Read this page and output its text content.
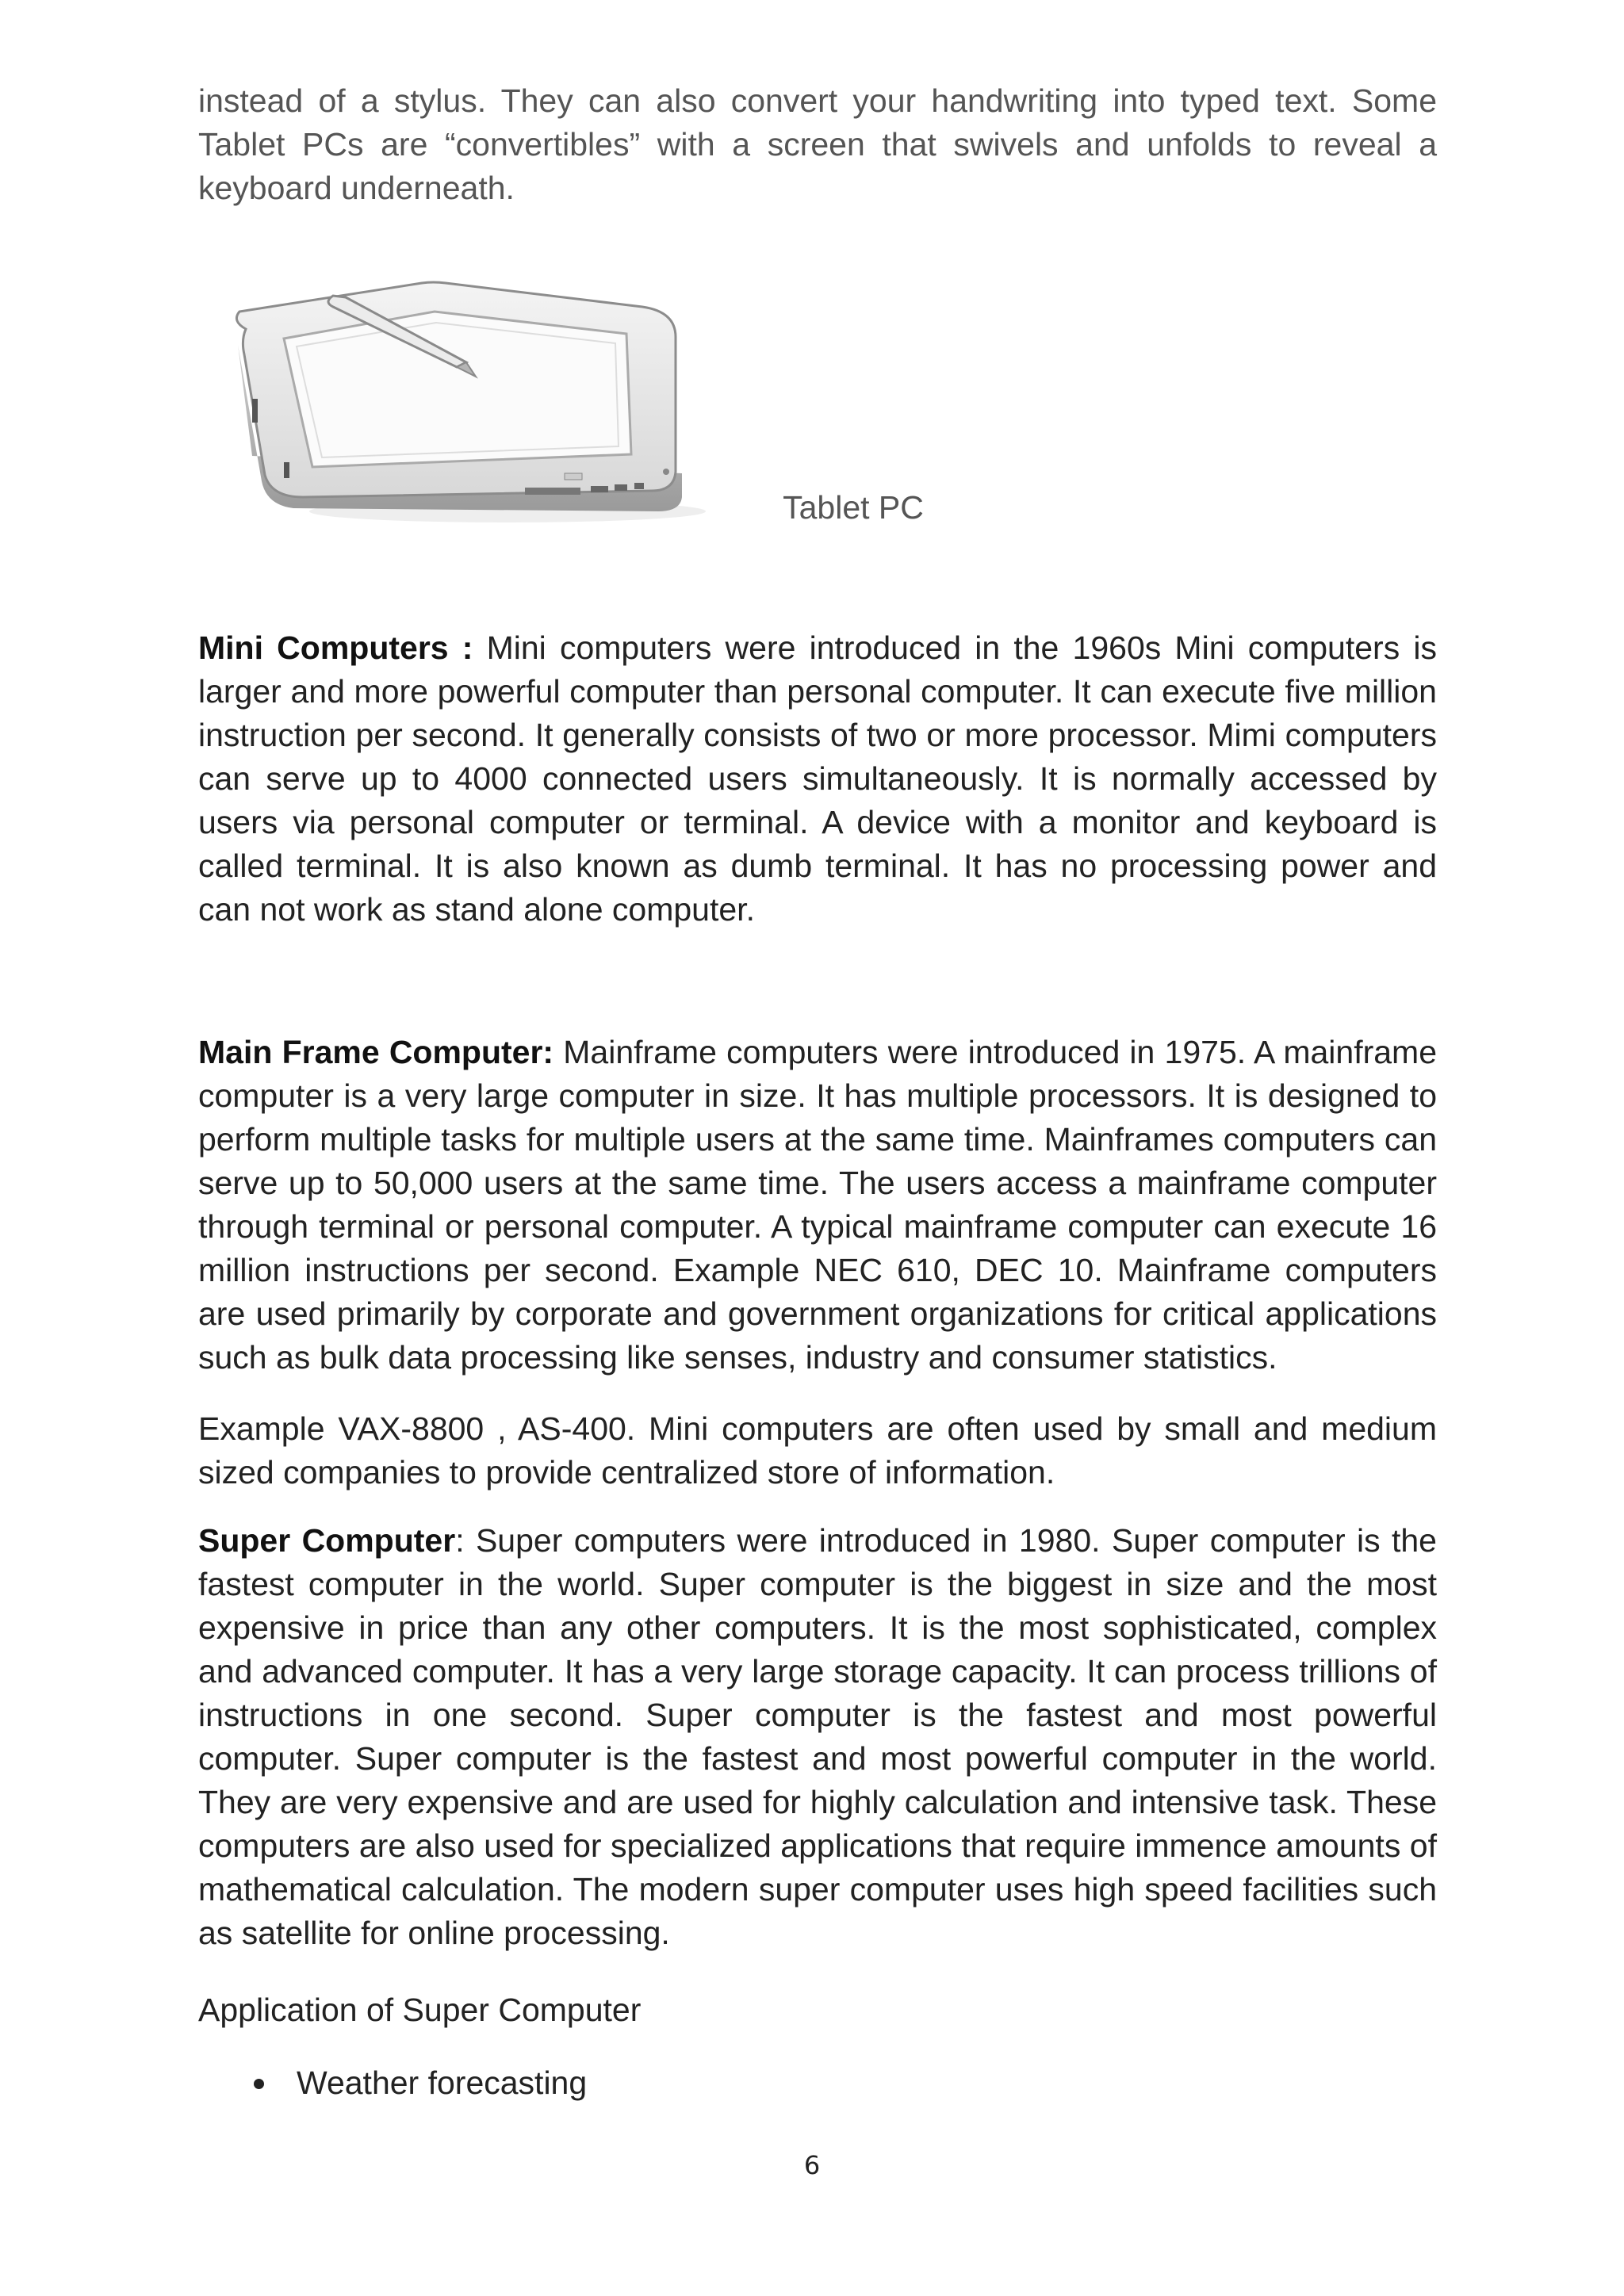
instead of a stylus. They can also convert your handwriting into typed text. Some Tablet PCs are “convertibles” with a screen that swivels and unfolds to reveal a keyboard underneath.

Tablet PC

Mini Computers : Mini computers were introduced in the 1960s Mini computers is larger and more powerful computer than personal computer. It can execute five million instruction per second. It generally consists of two or more processor. Mimi computers can serve up to 4000 connected users simultaneously. It is normally accessed by users via personal computer or terminal. A device with a monitor and keyboard is called terminal. It is also known as dumb terminal. It has no processing power and can not work as stand alone computer.

Main Frame Computer: Mainframe computers were introduced in 1975. A mainframe computer is a very large computer in size. It has multiple processors. It is designed to perform multiple tasks for multiple users at the same time. Mainframes computers can serve up to 50,000 users at the same time. The users access a mainframe computer through terminal or personal computer. A typical mainframe computer can execute 16 million instructions per second. Example NEC 610, DEC 10. Mainframe computers are used primarily by corporate and government organizations for critical applications such as bulk data processing like senses, industry and consumer statistics.

Example VAX-8800 , AS-400. Mini computers are often used by small and medium sized companies to provide centralized store of information.

Super Computer: Super computers were introduced in 1980. Super computer is the fastest computer in the world. Super computer is the biggest in size and the most expensive in price than any other computers. It is the most sophisticated, complex and advanced computer. It has a very large storage capacity. It can process trillions of instructions in one second. Super computer is the fastest and most powerful computer. Super computer is the fastest and most powerful computer in the world. They are very expensive and are used for highly calculation and intensive task. These computers are also used for specialized applications that require immence amounts of mathematical calculation. The modern super computer uses high speed facilities such as satellite for online processing.

Application of Super Computer

Weather forecasting
6
